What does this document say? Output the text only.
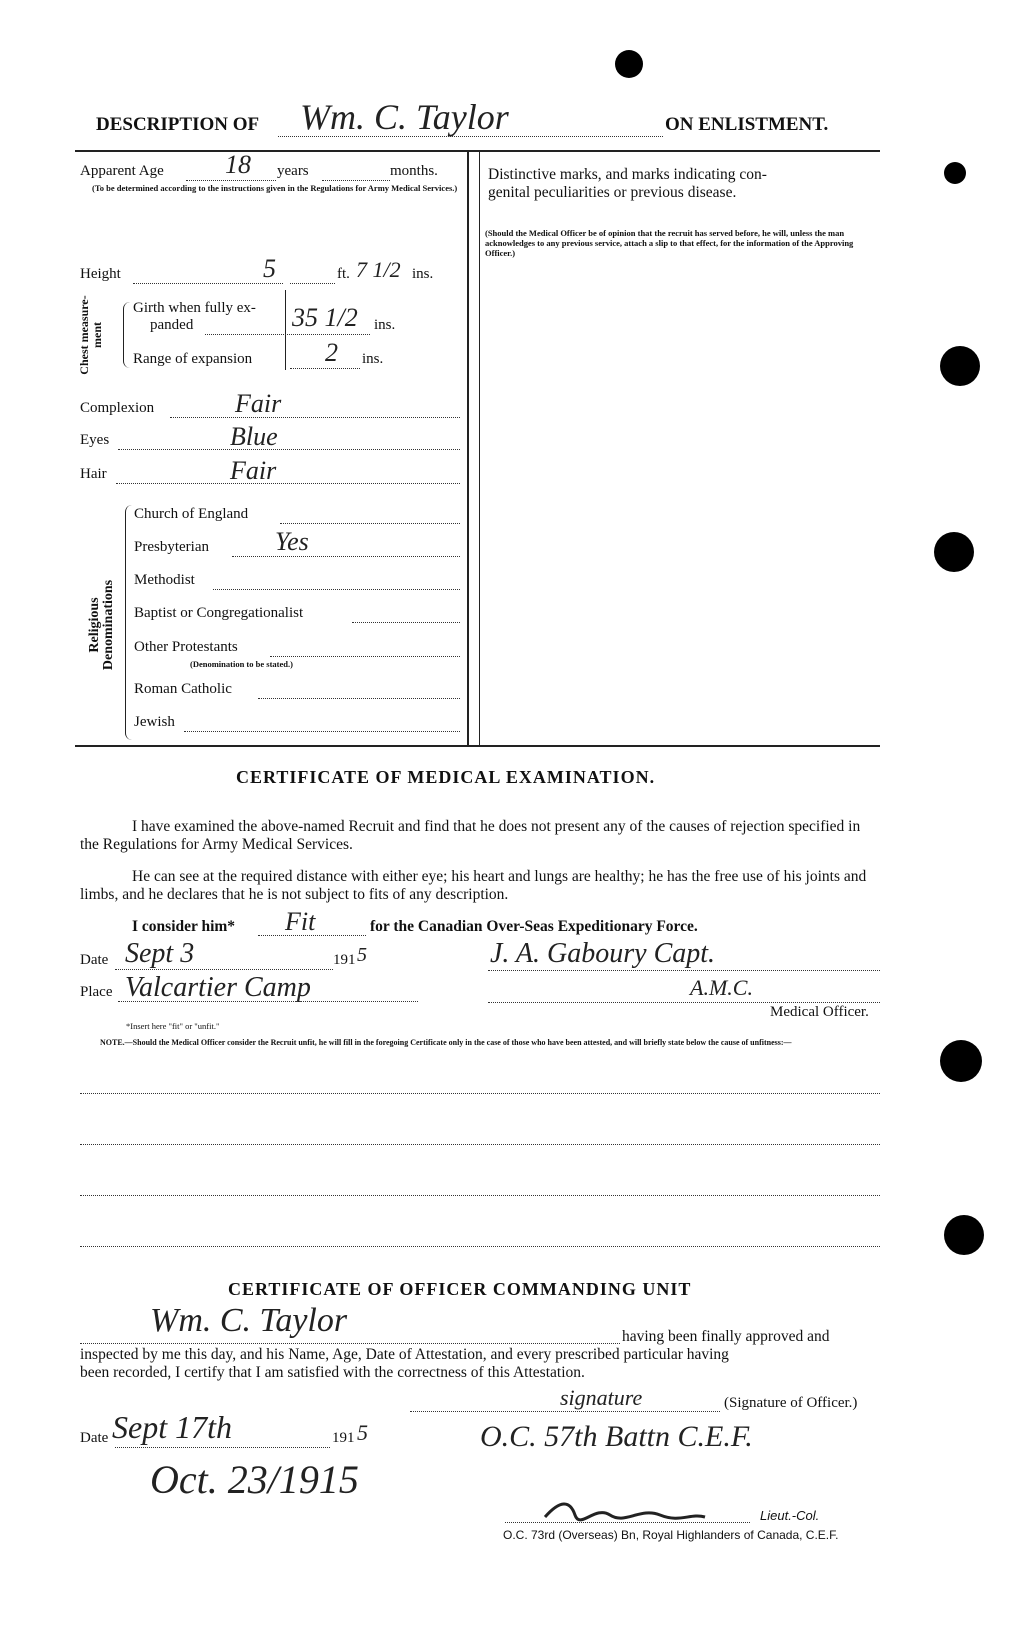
DESCRIPTION OF Wm. C. Taylor	ON ENLISTMENT.
Apparent Age 18 years	months.
(To be determined according to the instructions given in the Regulations for Army Medical Services.)
Height	5	ft. 7 1/2 ins.
Chest measure-ment
Girth when fully ex-
panded	35 1/2 ins.
Range of expansion	2 ins.
Complexion	Fair
Eyes	Blue
Hair	Fair
Religious Denominations
Church of England
Presbyterian	Yes
Methodist
Baptist or Congregationalist
Other Protestants
(Denomination to be stated.)
Roman Catholic
Jewish
Distinctive marks, and marks indicating con-
genital peculiarities or previous disease.
(Should the Medical Officer be of opinion that the recruit has served before, he will, unless the man acknowledges to any previous service, attach a slip to that effect, for the information of the Approving Officer.)
CERTIFICATE OF MEDICAL EXAMINATION.
I have examined the above-named Recruit and find that he does not present any of the causes of rejection specified in the Regulations for Army Medical Services.
He can see at the required distance with either eye; his heart and lungs are healthy; he has the free use of his joints and limbs, and he declares that he is not subject to fits of any description.
I consider him* Fit	for the Canadian Over-Seas Expeditionary Force.
Date Sept 3	191 5
Place Valcartier Camp
J. A. Gaboury Capt.
A.M.C.
Medical Officer.
*Insert here "fit" or "unfit."
NOTE.—Should the Medical Officer consider the Recruit unfit, he will fill in the foregoing Certificate only in the case of those who have been attested, and will briefly state below the cause of unfitness:—
CERTIFICATE OF OFFICER COMMANDING UNIT
Wm. C. Taylor	having been finally approved and
inspected by me this day, and his Name, Age, Date of Attestation, and every prescribed particular having
been recorded, I certify that I am satisfied with the correctness of this Attestation.
signature	(Signature of Officer.)
Date Sept 17th	191 5	O.C. 57th Battn C.E.F.
Oct. 23/1915
Lieut.-Col.
O.C. 73rd (Overseas) Bn, Royal Highlanders of Canada, C.E.F.
